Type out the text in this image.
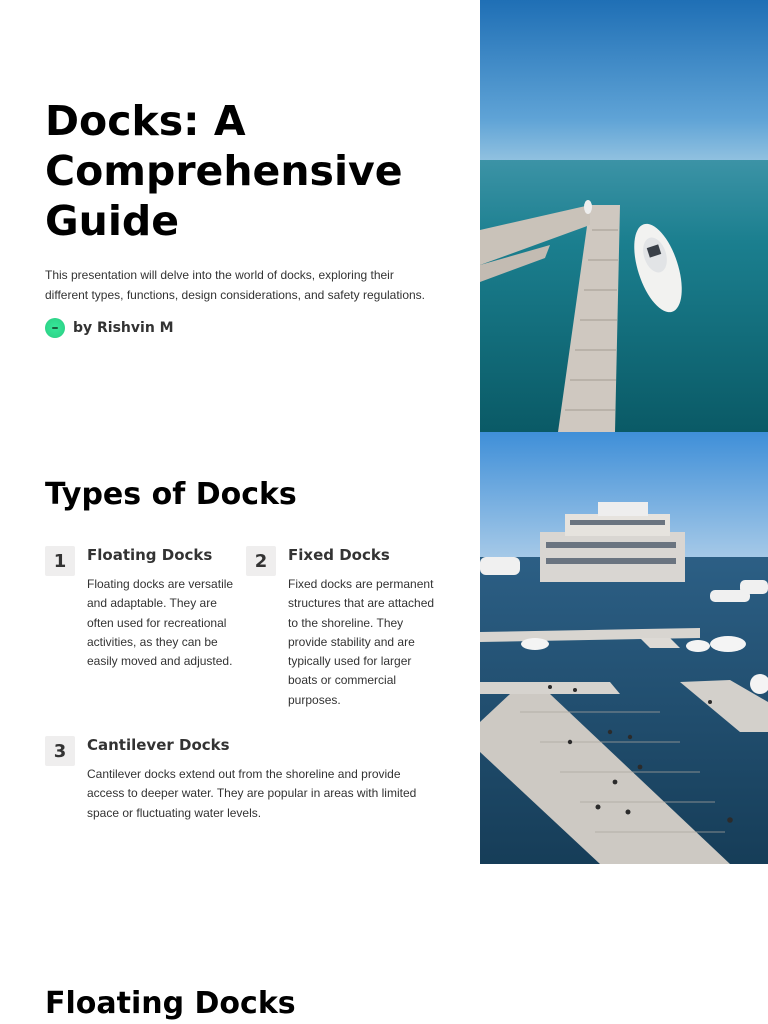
Docks: A Comprehensive Guide

This presentation will delve into the world of docks, exploring their different types, functions, design considerations, and safety regulations.

by Rishvin M
Types of Docks
1	Floating Docks

Floating docks are versatile and adaptable. They are often used for recreational activities, as they can be easily moved and adjusted.

2	Fixed Docks

Fixed docks are permanent structures that are attached to the shoreline. They provide stability and are typically used for larger boats or commercial purposes.

3	Cantilever Docks

Cantilever docks extend out from the shoreline and provide access to deeper water. They are popular in areas with limited space or fluctuating water levels.

Floating Docks
